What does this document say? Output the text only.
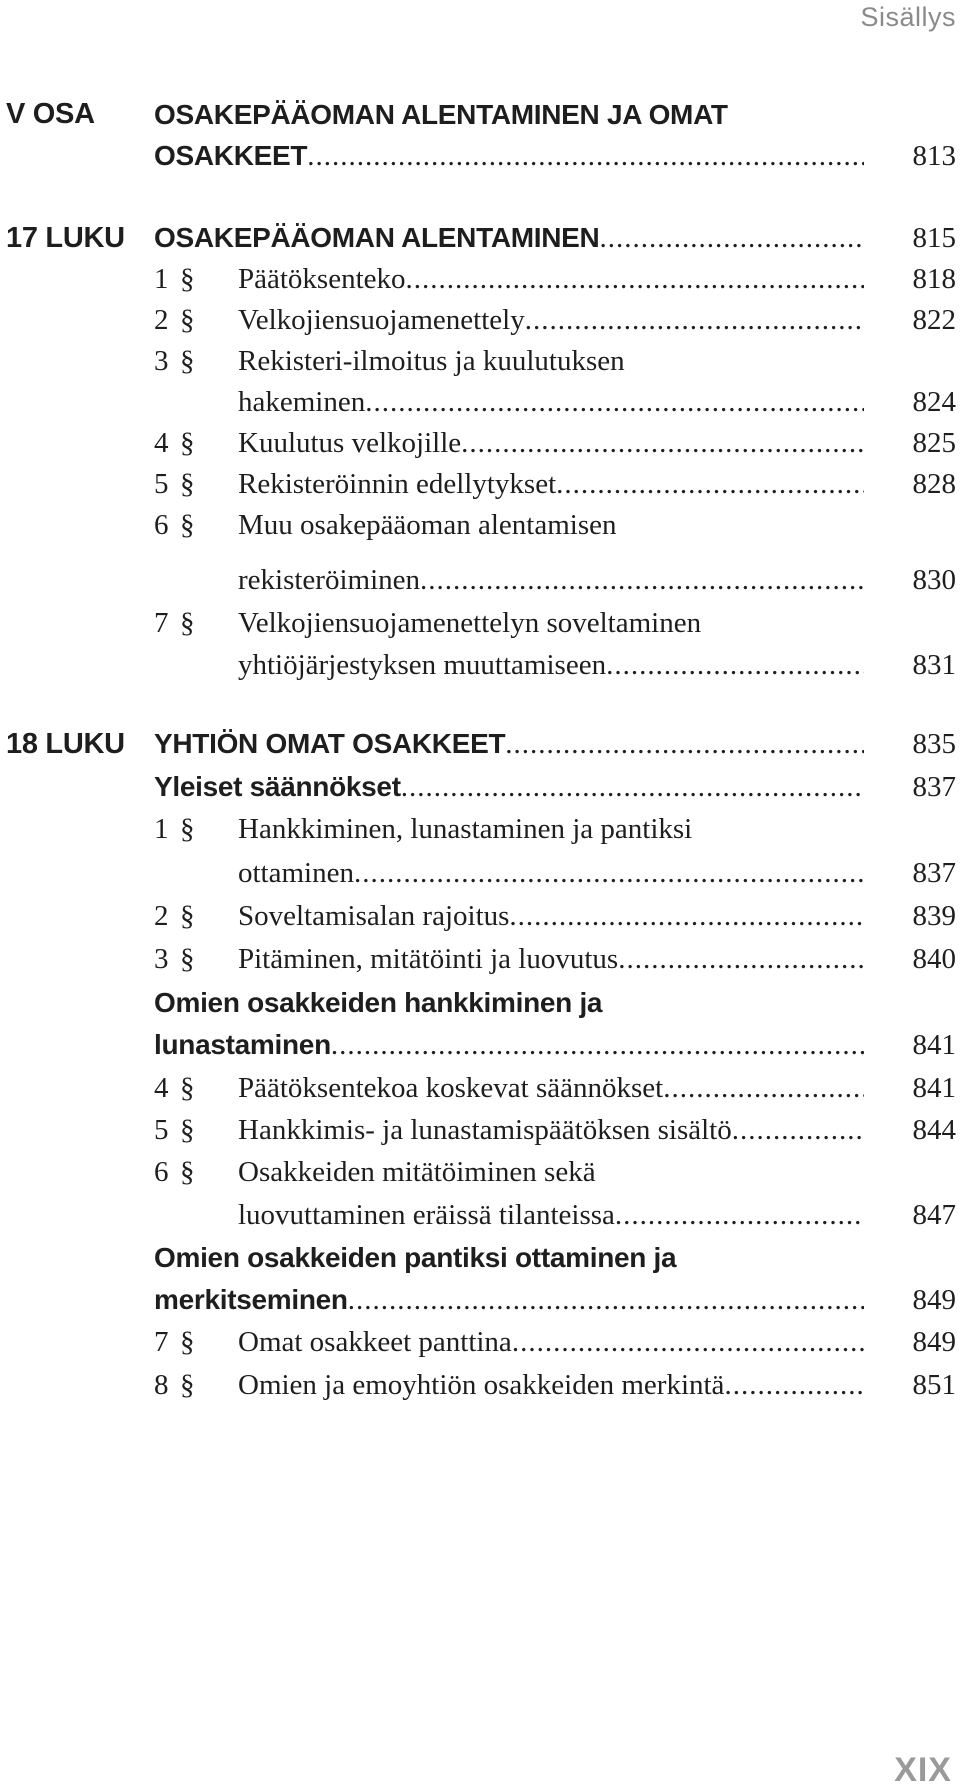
Sisällys
V OSA OSAKEPÄÄOMAN ALENTAMINEN JA OMAT
OSAKKEET .....	813
17 LUKU OSAKEPÄÄOMAN ALENTAMINEN .....	815
1 § Päätöksenteko .....	818
2 § Velkojiensuojamenettely .....	822
3 § Rekisteri-ilmoitus ja kuulutuksen
hakeminen .....	824
4 § Kuulutus velkojille .....	825
5 § Rekisteröinnin edellytykset .....	828
6 § Muu osakepääoman alentamisen
rekisteröiminen .....	830
7 § Velkojiensuojamenettelyn soveltaminen
yhtiöjärjestyksen muuttamiseen .....	831
18 LUKU YHTIÖN OMAT OSAKKEET .....	835
Yleiset säännökset .....	837
1 § Hankkiminen, lunastaminen ja pantiksi
ottaminen .....	837
2 § Soveltamisalan rajoitus .....	839
3 § Pitäminen, mitätöinti ja luovutus .....	840
Omien osakkeiden hankkiminen ja
lunastaminen .....	841
4 § Päätöksentekoa koskevat säännökset .....	841
5 § Hankkimis- ja lunastamispäätöksen sisältö .....	844
6 § Osakkeiden mitätöiminen sekä
luovuttaminen eräissä tilanteissa .....	847
Omien osakkeiden pantiksi ottaminen ja
merkitseminen .....	849
7 § Omat osakkeet panttina .....	849
8 § Omien ja emoyhtiön osakkeiden merkintä .....	851
XIX
